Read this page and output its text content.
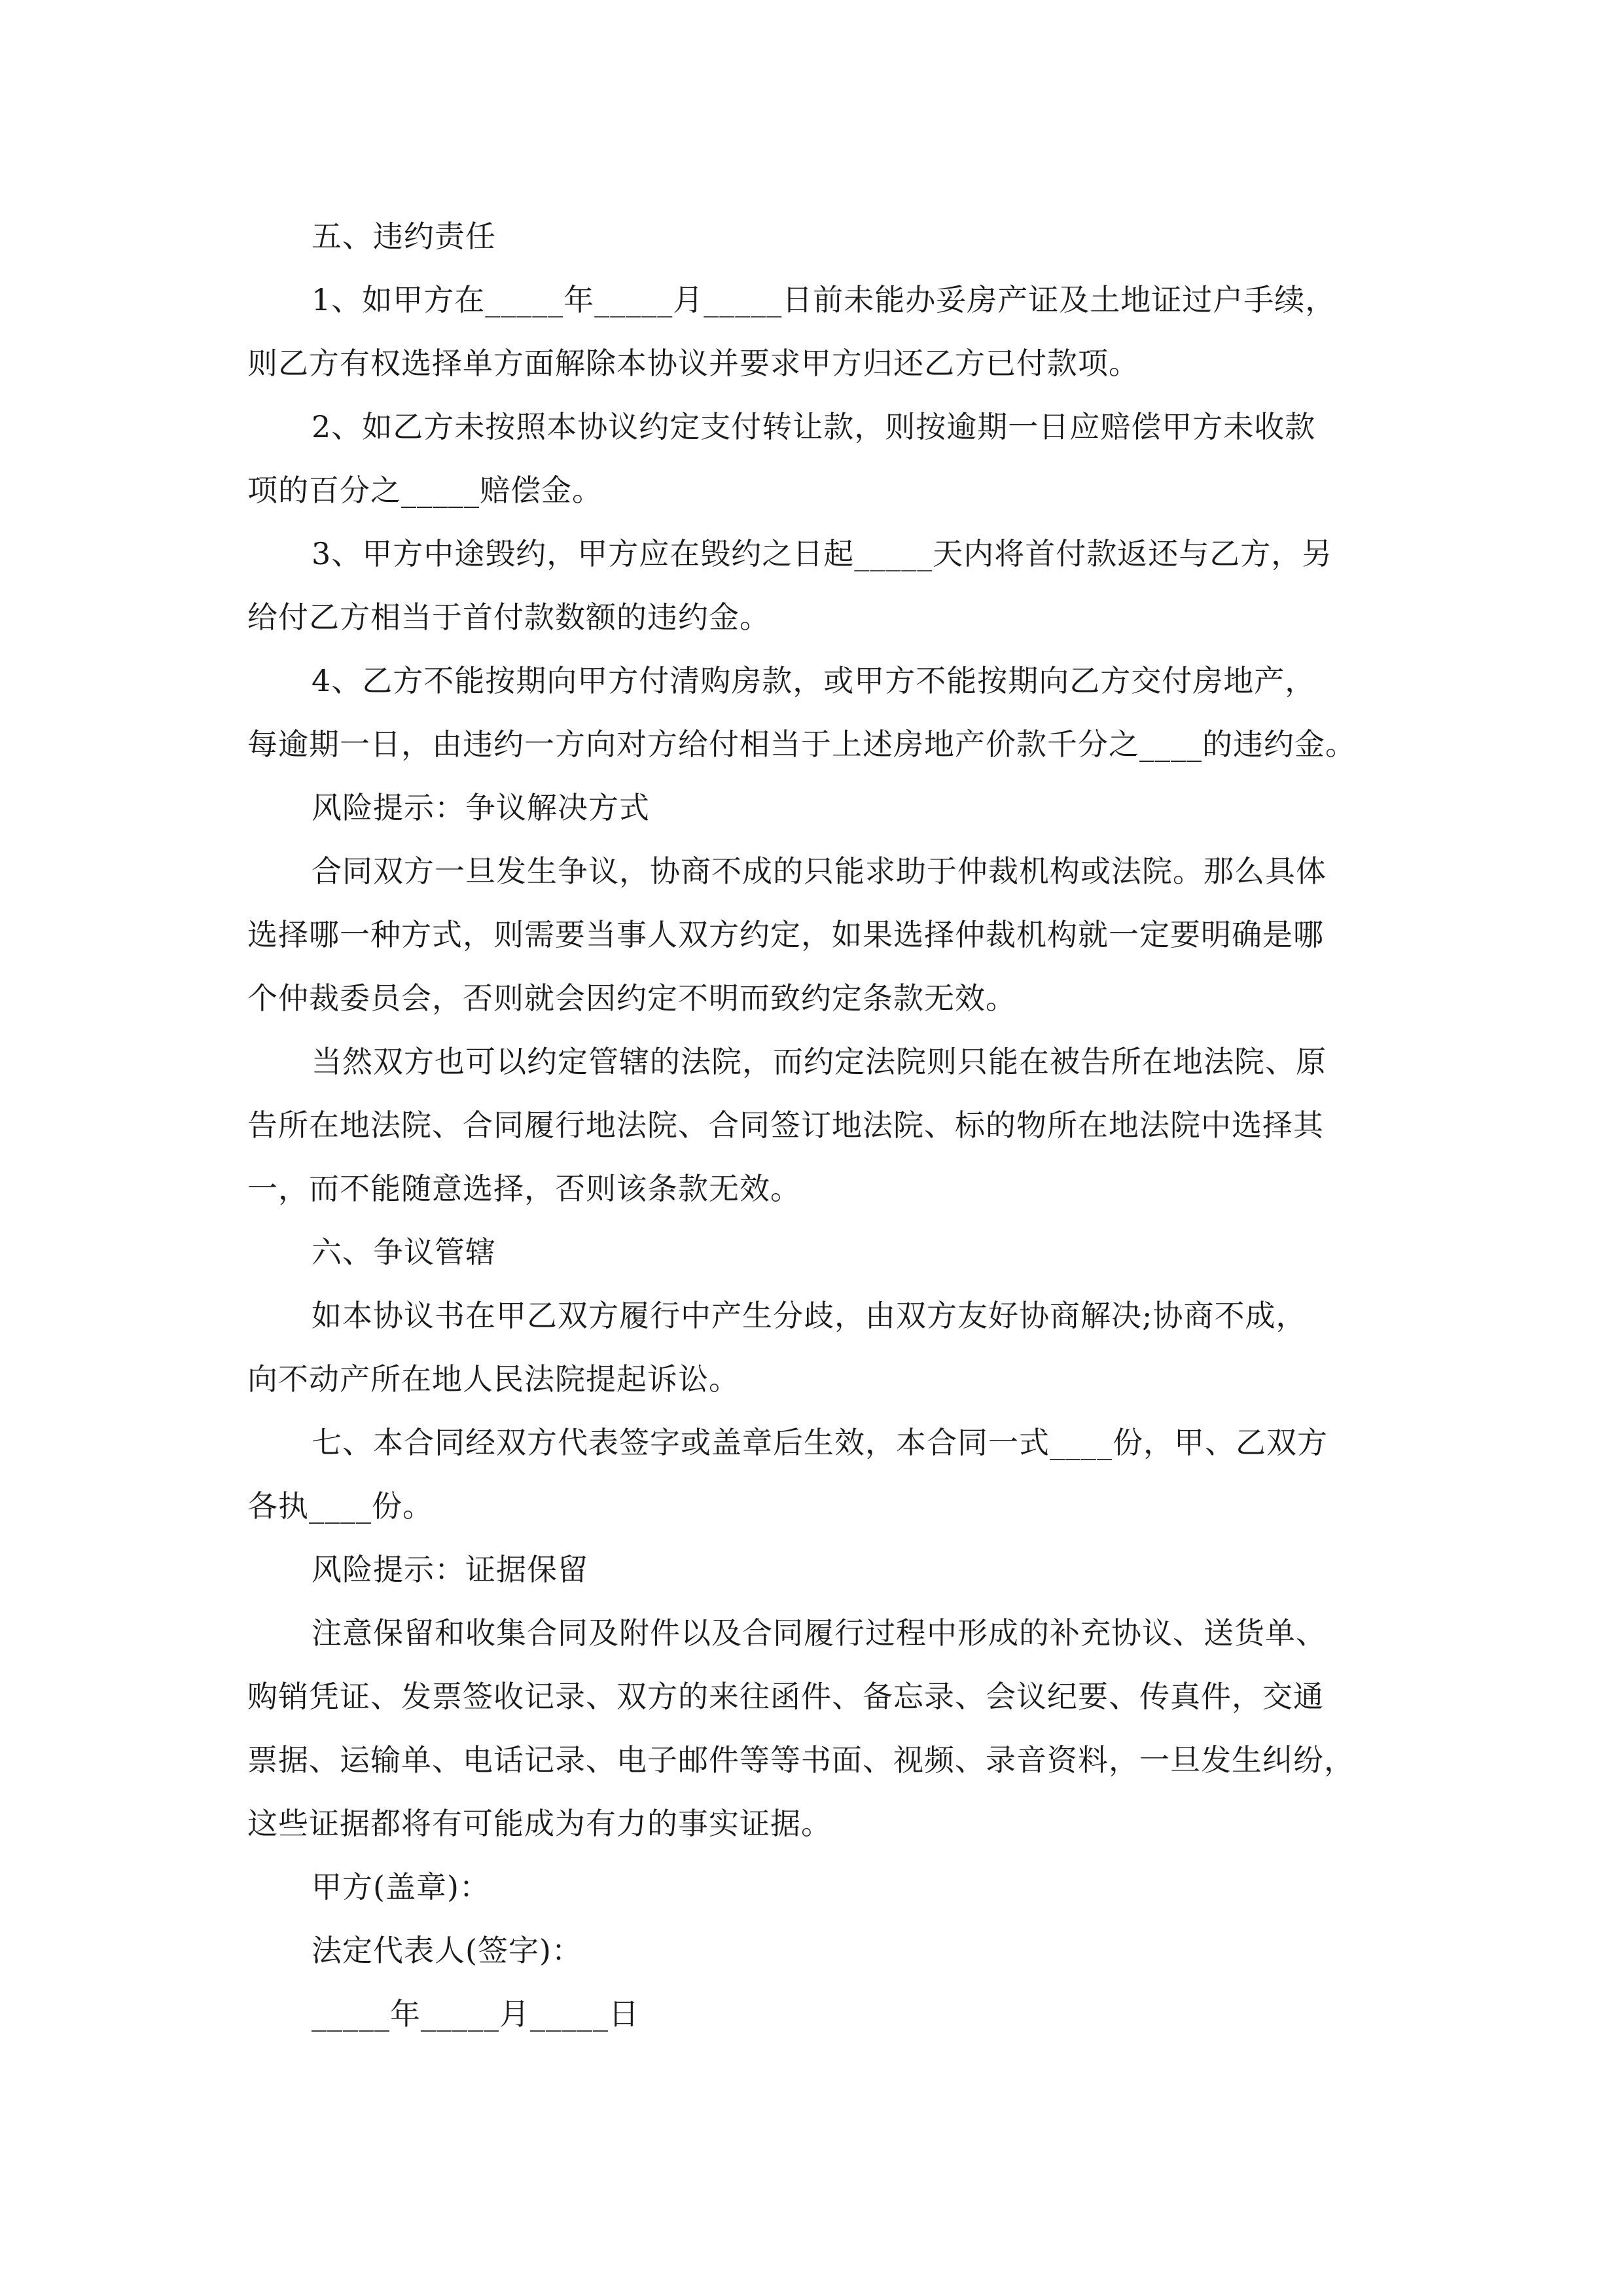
五、违约责任

1、如甲方在_____年_____月_____日前未能办妥房产证及土地证过户手续，

则乙方有权选择单方面解除本协议并要求甲方归还乙方已付款项。

2、如乙方未按照本协议约定支付转让款，则按逾期一日应赔偿甲方未收款

项的百分之_____赔偿金。

3、甲方中途毁约，甲方应在毁约之日起_____天内将首付款返还与乙方，另

给付乙方相当于首付款数额的违约金。

4、乙方不能按期向甲方付清购房款，或甲方不能按期向乙方交付房地产，

每逾期一日，由违约一方向对方给付相当于上述房地产价款千分之____的违约金。

风险提示：争议解决方式

合同双方一旦发生争议，协商不成的只能求助于仲裁机构或法院。那么具体

选择哪一种方式，则需要当事人双方约定，如果选择仲裁机构就一定要明确是哪

个仲裁委员会，否则就会因约定不明而致约定条款无效。

当然双方也可以约定管辖的法院，而约定法院则只能在被告所在地法院、原

告所在地法院、合同履行地法院、合同签订地法院、标的物所在地法院中选择其

一，而不能随意选择，否则该条款无效。

六、争议管辖

如本协议书在甲乙双方履行中产生分歧，由双方友好协商解决;协商不成，

向不动产所在地人民法院提起诉讼。

七、本合同经双方代表签字或盖章后生效，本合同一式____份，甲、乙双方

各执____份。

风险提示：证据保留

注意保留和收集合同及附件以及合同履行过程中形成的补充协议、送货单、

购销凭证、发票签收记录、双方的来往函件、备忘录、会议纪要、传真件，交通

票据、运输单、电话记录、电子邮件等等书面、视频、录音资料，一旦发生纠纷，

这些证据都将有可能成为有力的事实证据。

甲方(盖章)：

法定代表人(签字)：

_____年_____月_____日
